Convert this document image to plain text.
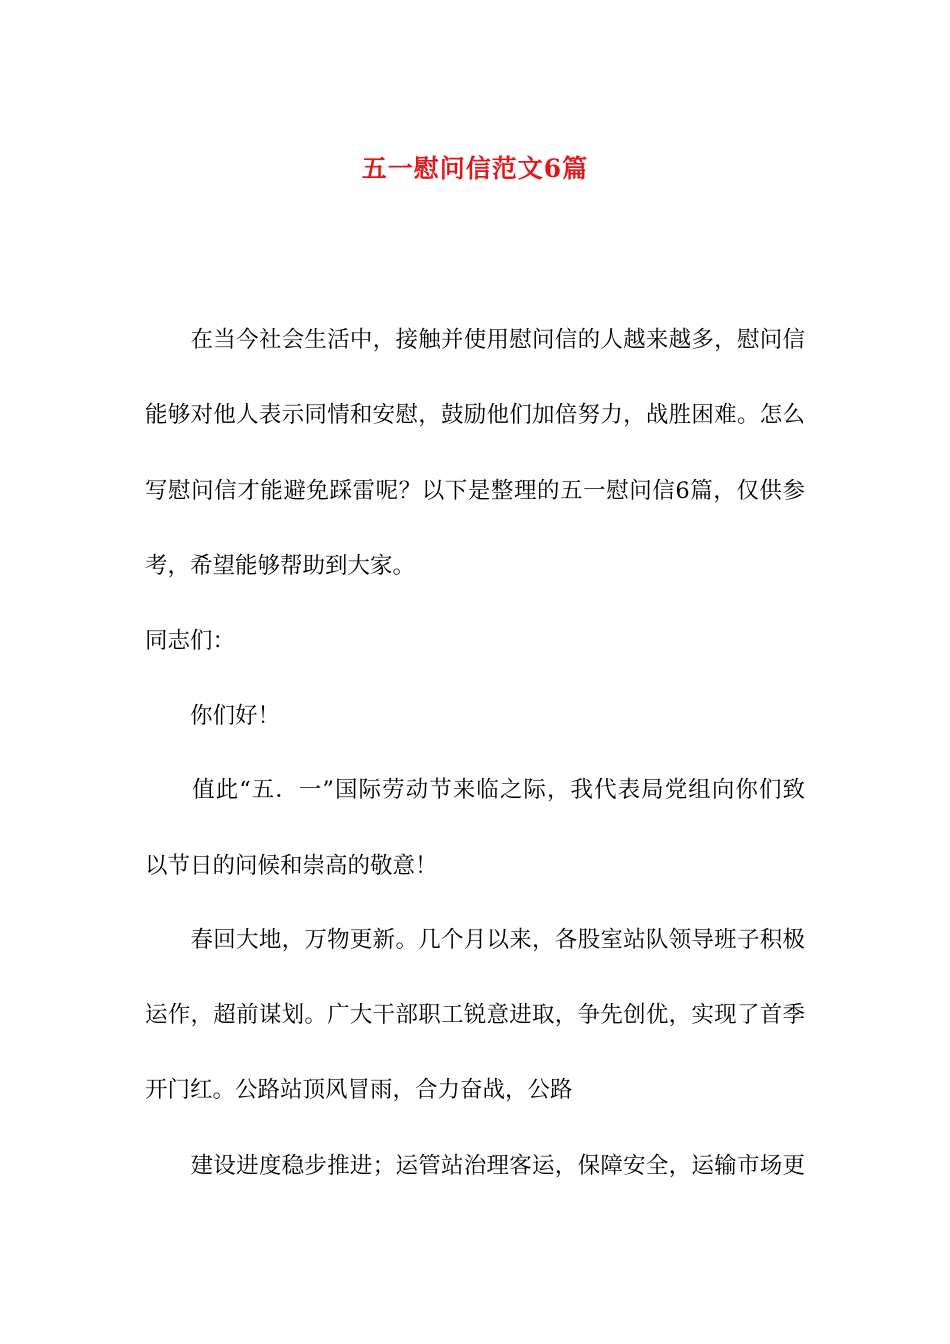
五一慰问信范文6篇

　　在当今社会生活中，接触并使用慰问信的人越来越多，慰问信

能够对他人表示同情和安慰，鼓励他们加倍努力，战胜困难。怎么

写慰问信才能避免踩雷呢？以下是整理的五一慰问信6篇，仅供参

考，希望能够帮助到大家。

同志们：

　　你们好！

　　值此“五．一”国际劳动节来临之际，我代表局党组向你们致

以节日的问候和崇高的敬意！

　　春回大地，万物更新。几个月以来，各股室站队领导班子积极

运作，超前谋划。广大干部职工锐意进取，争先创优，实现了首季

开门红。公路站顶风冒雨，合力奋战，公路

　　建设进度稳步推进；运管站治理客运，保障安全，运输市场更
